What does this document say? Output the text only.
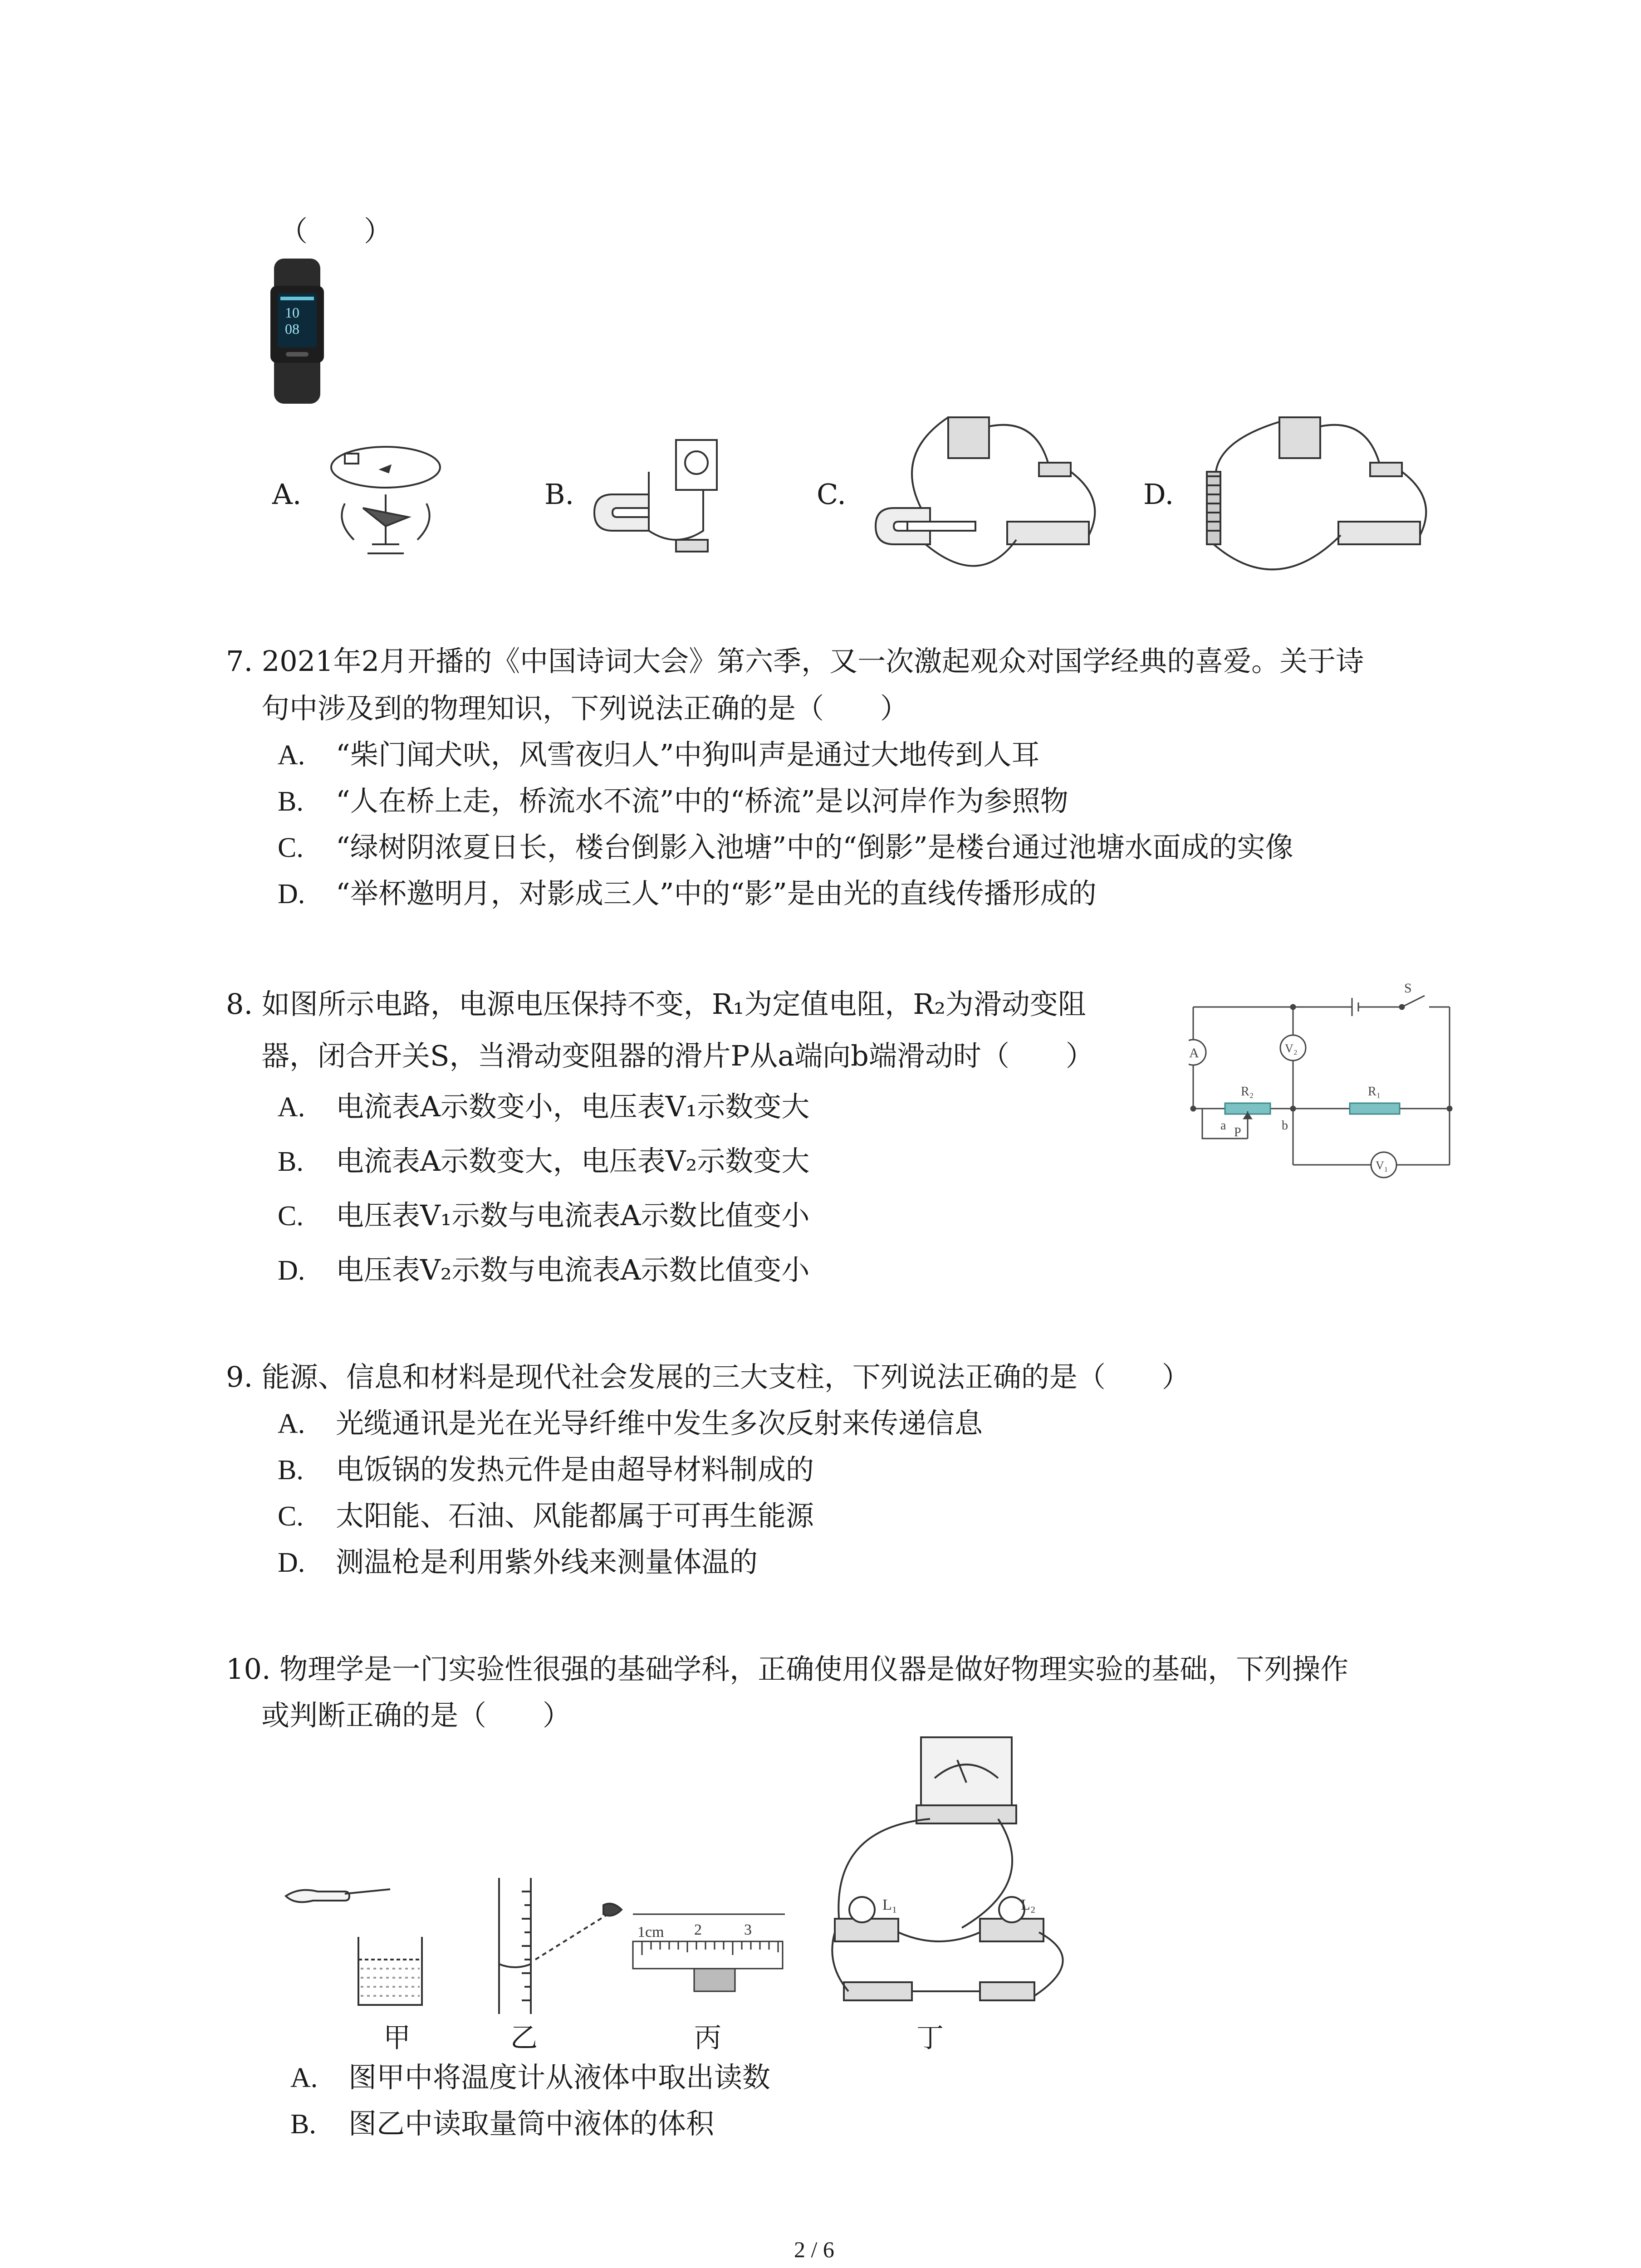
（　　）
10
08
A.	B.	C.	D.
7. 2021年2月开播的《中国诗词大会》第六季，又一次激起观众对国学经典的喜爱。关于诗
句中涉及到的物理知识，下列说法正确的是（　　）
A. “柴门闻犬吠，风雪夜归人”中狗叫声是通过大地传到人耳
B. “人在桥上走，桥流水不流”中的“桥流”是以河岸作为参照物
C. “绿树阴浓夏日长，楼台倒影入池塘”中的“倒影”是楼台通过池塘水面成的实像
D. “举杯邀明月，对影成三人”中的“影”是由光的直线传播形成的
8. 如图所示电路，电源电压保持不变，R₁为定值电阻，R₂为滑动变阻
器，闭合开关S，当滑动变阻器的滑片P从a端向b端滑动时（　　）
A. 电流表A示数变小，电压表V₁示数变大
B. 电流表A示数变大，电压表V₂示数变大
C. 电压表V₁示数与电流表A示数比值变小
D. 电压表V₂示数与电流表A示数比值变小
S
A	V₂
R₂	R₁
a P	b
V₁
9. 能源、信息和材料是现代社会发展的三大支柱，下列说法正确的是（　　）
A. 光缆通讯是光在光导纤维中发生多次反射来传递信息
B. 电饭锅的发热元件是由超导材料制成的
C. 太阳能、石油、风能都属于可再生能源
D. 测温枪是利用紫外线来测量体温的
10. 物理学是一门实验性很强的基础学科，正确使用仪器是做好物理实验的基础，下列操作
或判断正确的是（　　）
1cm 2	3
L₁	L₂
甲	乙	丙	丁
A. 图甲中将温度计从液体中取出读数
B. 图乙中读取量筒中液体的体积
2 / 6
